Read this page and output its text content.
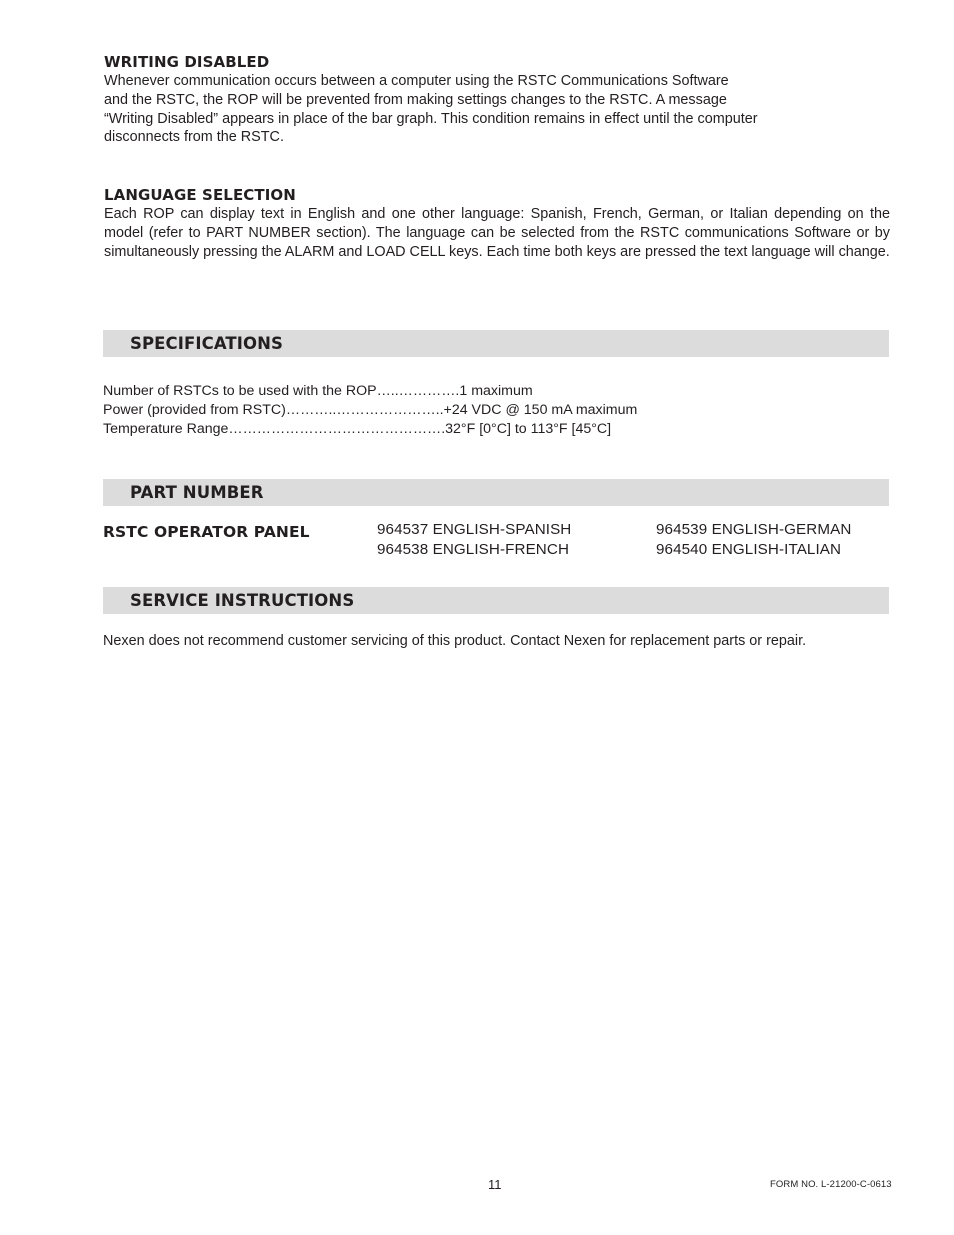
WRITING DISABLED
Whenever communication occurs between a computer using the RSTC Communications Software
and the RSTC, the ROP will be prevented from making settings changes to the RSTC. A message
“Writing Disabled” appears in place of the bar graph. This condition remains in effect until the computer
disconnects from the RSTC.
LANGUAGE SELECTION
Each ROP can display text in English and one other language: Spanish, French, German, or Italian depending on the model (refer to PART NUMBER section). The language can be selected from the RSTC communications Software or by simultaneously pressing the ALARM and LOAD CELL keys. Each time both keys are pressed the text language will change.
SPECIFICATIONS
Number of RSTCs to be used with the ROP…..………….1 maximum
Power (provided from RSTC)………..…………………..+24 VDC @ 150 mA maximum
Temperature Range……………………………………….32°F [0°C] to 113°F [45°C]
PART NUMBER
RSTC OPERATOR PANEL	964537 ENGLISH-SPANISH
964538 ENGLISH-FRENCH
964539 ENGLISH-GERMAN
964540 ENGLISH-ITALIAN
SERVICE INSTRUCTIONS
Nexen does not recommend customer servicing of this product. Contact Nexen for replacement parts or repair.
11	FORM NO. L-21200-C-0613
